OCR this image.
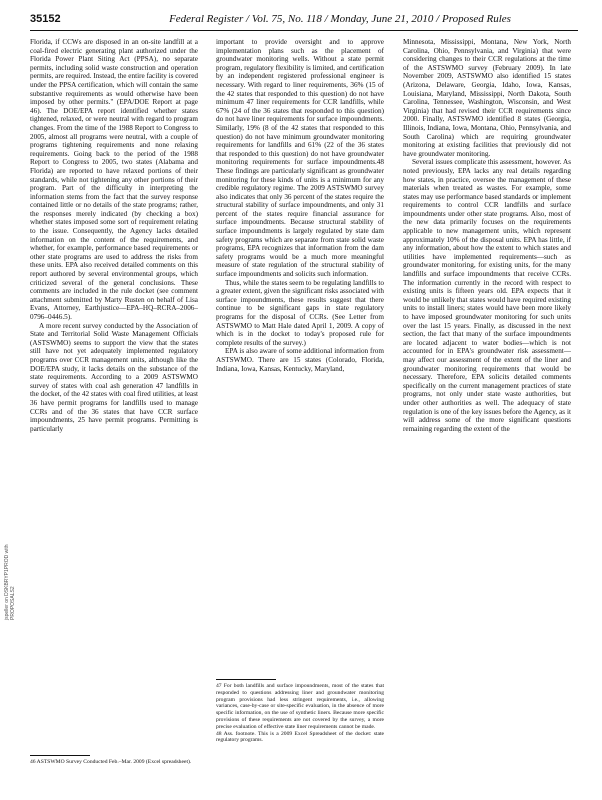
35152	Federal Register / Vol. 75, No. 118 / Monday, June 21, 2010 / Proposed Rules
jspeller on DSKBRYP1PROD with PROPOSALS2

Florida, if CCWs are disposed in an on-site landfill at a coal-fired electric generating plant authorized under the Florida Power Plant Siting Act (PPSA), no separate permits, including solid waste construction and operation permits, are required. Instead, the entire facility is covered under the PPSA certification, which will contain the same substantive requirements as would otherwise have been imposed by other permits." (EPA/DOE Report at page 46). The DOE/EPA report identified whether states tightened, relaxed, or were neutral with regard to program changes. From the time of the 1988 Report to Congress to 2005, almost all programs were neutral, with a couple of programs tightening requirements and none relaxing requirements. Going back to the period of the 1988 Report to Congress to 2005, two states (Alabama and Florida) are reported to have relaxed portions of their standards, while not tightening any other portions of their program. Part of the difficulty in interpreting the information stems from the fact that the survey response contained little or no details of the state programs; rather, the responses merely indicated (by checking a box) whether states imposed some sort of requirement relating to the issue. Consequently, the Agency lacks detailed information on the content of the requirements, and whether, for example, performance based requirements or other state programs are used to address the risks from these units. EPA also received detailed comments on this report authored by several environmental groups, which criticized several of the general conclusions. These comments are included in the rule docket (see comment attachment submitted by Marty Rusten on behalf of Lisa Evans, Attorney, Earthjustice—EPA–HQ–RCRA–2006–0796–0446.5).

A more recent survey conducted by the Association of State and Territorial Solid Waste Management Officials (ASTSWMO) seems to support the view that the states still have not yet adequately implemented regulatory programs over CCR management units, although like the DOE/EPA study, it lacks details on the substance of the state requirements. According to a 2009 ASTSWMO survey of states with coal ash generation 47 landfills in the docket, of the 42 states with coal fired utilities, at least 36 have permit programs for landfills used to manage CCRs and of the 36 states that have CCR surface impoundments, 25 have permit programs. Permitting is particularly

46 ASTSWMO Survey Conducted Feb.–Mar. 2009 (Excel spreadsheet).

important to provide oversight and to approve implementation plans such as the placement of groundwater monitoring wells. Without a state permit program, regulatory flexibility is limited, and certification by an independent registered professional engineer is necessary. With regard to liner requirements, 36% (15 of the 42 states that responded to this question) do not have minimum 47 liner requirements for CCR landfills, while 67% (24 of the 36 states that responded to this question) do not have liner requirements for surface impoundments. Similarly, 19% (8 of the 42 states that responded to this question) do not have minimum groundwater monitoring requirements for landfills and 61% (22 of the 36 states that responded to this question) do not have groundwater monitoring requirements for surface impoundments.48 These findings are particularly significant as groundwater monitoring for these kinds of units is a minimum for any credible regulatory regime. The 2009 ASTSWMO survey also indicates that only 36 percent of the states require the structural stability of surface impoundments, and only 31 percent of the states require financial assurance for surface impoundments. Because structural stability of surface impoundments is largely regulated by state dam safety programs which are separate from state solid waste programs, EPA recognizes that information from the dam safety programs would be a much more meaningful measure of state regulation of the structural stability of surface impoundments and solicits such information.

Thus, while the states seem to be regulating landfills to a greater extent, given the significant risks associated with surface impoundments, these results suggest that there continue to be significant gaps in state regulatory programs for the disposal of CCRs. (See Letter from ASTSWMO to Matt Hale dated April 1, 2009. A copy of which is in the docket to today's proposed rule for complete results of the survey.)

EPA is also aware of some additional information from ASTSWMO. There are 15 states (Colorado, Florida, Indiana, Iowa, Kansas, Kentucky, Maryland,

47 For both landfills and surface impoundments, most of the states that responded to questions addressing liner and groundwater monitoring program provisions had less stringent requirements, i.e., allowing variances, case-by-case or site-specific evaluation, in the absence of more specific information, on the use of synthetic liners. Because more specific provisions of these requirements are not covered by the survey, a more precise evaluation of effective state liner requirements cannot be made.

48 Ass. footnote. This is a 2009 Excel Spreadsheet of the docket: state regulatory programs.

Minnesota, Mississippi, Montana, New York, North Carolina, Ohio, Pennsylvania, and Virginia) that were considering changes to their CCR regulations at the time of the ASTSWMO survey (February 2009). In late November 2009, ASTSWMO also identified 15 states (Arizona, Delaware, Georgia, Idaho, Iowa, Kansas, Louisiana, Maryland, Mississippi, North Dakota, South Carolina, Tennessee, Washington, Wisconsin, and West Virginia) that had revised their CCR requirements since 2000. Finally, ASTSWMO identified 8 states (Georgia, Illinois, Indiana, Iowa, Montana, Ohio, Pennsylvania, and South Carolina) which are requiring groundwater monitoring at existing facilities that previously did not have groundwater monitoring.

Several issues complicate this assessment, however. As noted previously, EPA lacks any real details regarding how states, in practice, oversee the management of these materials when treated as wastes. For example, some states may use performance based standards or implement requirements to control CCR landfills and surface impoundments under other state programs. Also, most of the new data primarily focuses on the requirements applicable to new management units, which represent approximately 10% of the disposal units. EPA has little, if any information, about how the extent to which states and utilities have implemented requirements—such as groundwater monitoring, for existing units, for the many landfills and surface impoundments that receive CCRs. The information currently in the record with respect to existing units is fifteen years old. EPA expects that it would be unlikely that states would have required existing units to install liners; states would have been more likely to have imposed groundwater monitoring for such units over the last 15 years. Finally, as discussed in the next section, the fact that many of the surface impoundments are located adjacent to water bodies—which is not accounted for in EPA's groundwater risk assessment—may affect our assessment of the extent of the liner and groundwater monitoring requirements that would be necessary. Therefore, EPA solicits detailed comments specifically on the current management practices of state programs, not only under state waste authorities, but under other authorities as well. The adequacy of state regulation is one of the key issues before the Agency, as it will address some of the more significant questions remaining regarding the extent of the
